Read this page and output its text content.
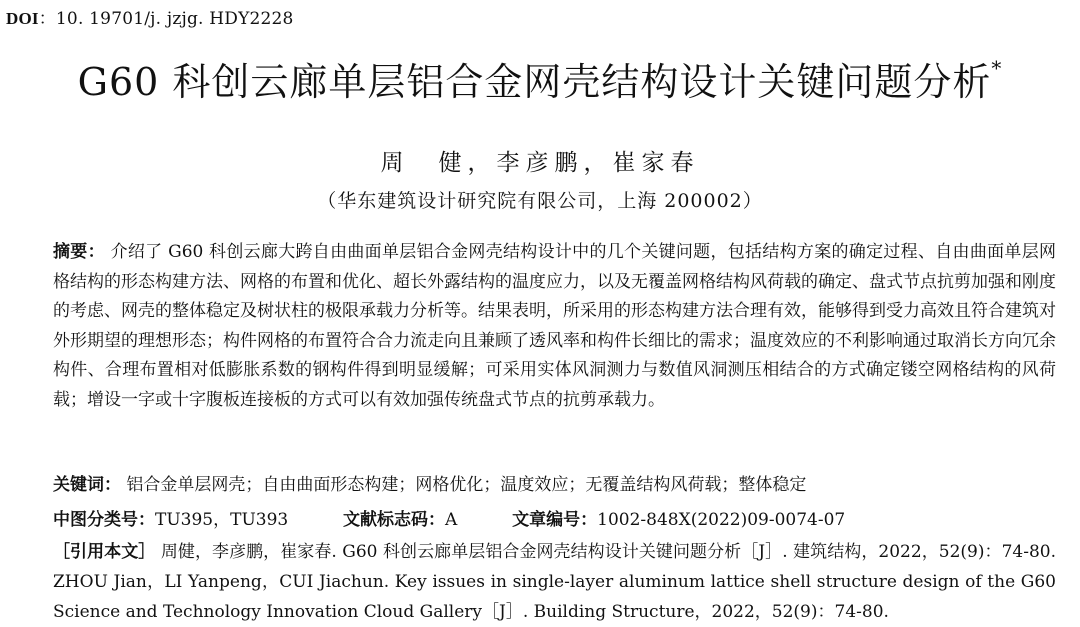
DOI：10. 19701/j. jzjg. HDY2228
G60 科创云廊单层铝合金网壳结构设计关键问题分析*
周　健，李彦鹏，崔家春
（华东建筑设计研究院有限公司，上海 200002）
摘要： 介绍了 G60 科创云廊大跨自由曲面单层铝合金网壳结构设计中的几个关键问题，包括结构方案的确定过程、自由曲面单层网格结构的形态构建方法、网格的布置和优化、超长外露结构的温度应力，以及无覆盖网格结构风荷载的确定、盘式节点抗剪加强和刚度的考虑、网壳的整体稳定及树状柱的极限承载力分析等。结果表明，所采用的形态构建方法合理有效，能够得到受力高效且符合建筑对外形期望的理想形态；构件网格的布置符合合力流走向且兼顾了透风率和构件长细比的需求；温度效应的不利影响通过取消长方向冗余构件、合理布置相对低膨胀系数的钢构件得到明显缓解；可采用实体风洞测力与数值风洞测压相结合的方式确定镂空网格结构的风荷载；增设一字或十字腹板连接板的方式可以有效加强传统盘式节点的抗剪承载力。
关键词： 铝合金单层网壳；自由曲面形态构建；网格优化；温度效应；无覆盖结构风荷载；整体稳定
中图分类号：TU395，TU393	文献标志码：A	文章编号：1002-848X(2022)09-0074-07
［引用本文］ 周健，李彦鹏，崔家春. G60 科创云廊单层铝合金网壳结构设计关键问题分析［J］. 建筑结构，2022，52(9)：74-80. ZHOU Jian，LI Yanpeng，CUI Jiachun. Key issues in single-layer aluminum lattice shell structure design of the G60 Science and Technology Innovation Cloud Gallery［J］. Building Structure，2022，52(9)：74-80.
